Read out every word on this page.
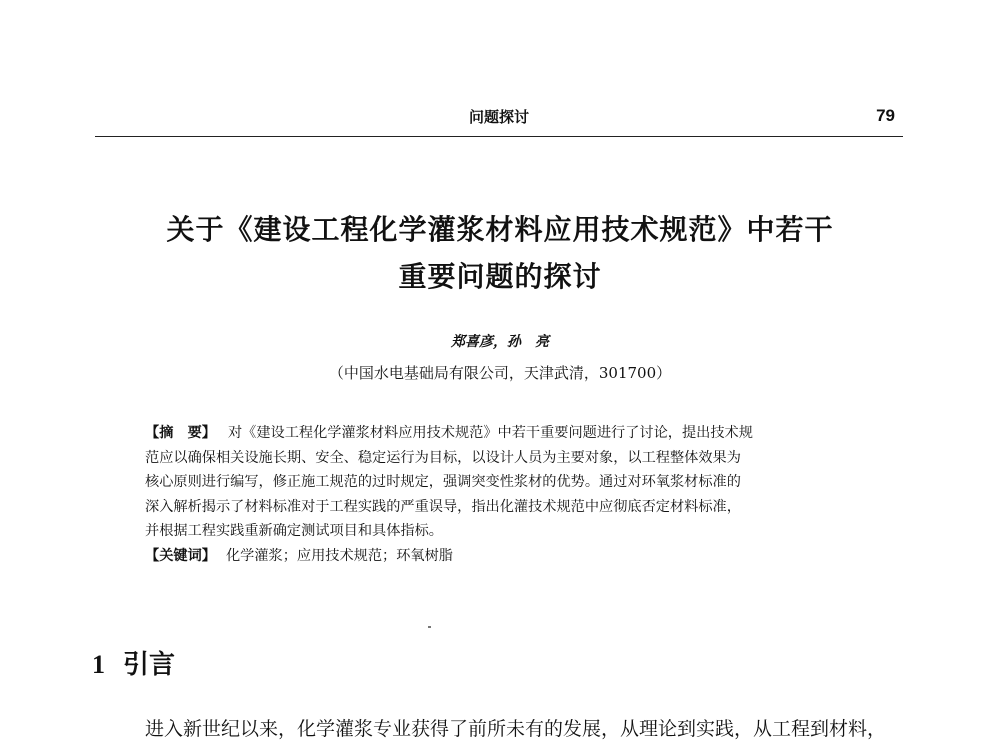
问题探讨	79
关于《建设工程化学灌浆材料应用技术规范》中若干
重要问题的探讨
郑喜彦，孙　亮
（中国水电基础局有限公司，天津武清，301700）

【摘　要】 对《建设工程化学灌浆材料应用技术规范》中若干重要问题进行了讨论，提出技术规

范应以确保相关设施长期、安全、稳定运行为目标，以设计人员为主要对象，以工程整体效果为

核心原则进行编写，修正施工规范的过时规定，强调突变性浆材的优势。通过对环氧浆材标准的

深入解析揭示了材料标准对于工程实践的严重误导，指出化灌技术规范中应彻底否定材料标准，

并根据工程实践重新确定测试项目和具体指标。

【关键词】 化学灌浆；应用技术规范；环氧树脂

1 引言
进入新世纪以来，化学灌浆专业获得了前所未有的发展，从理论到实践，从工程到材料，
